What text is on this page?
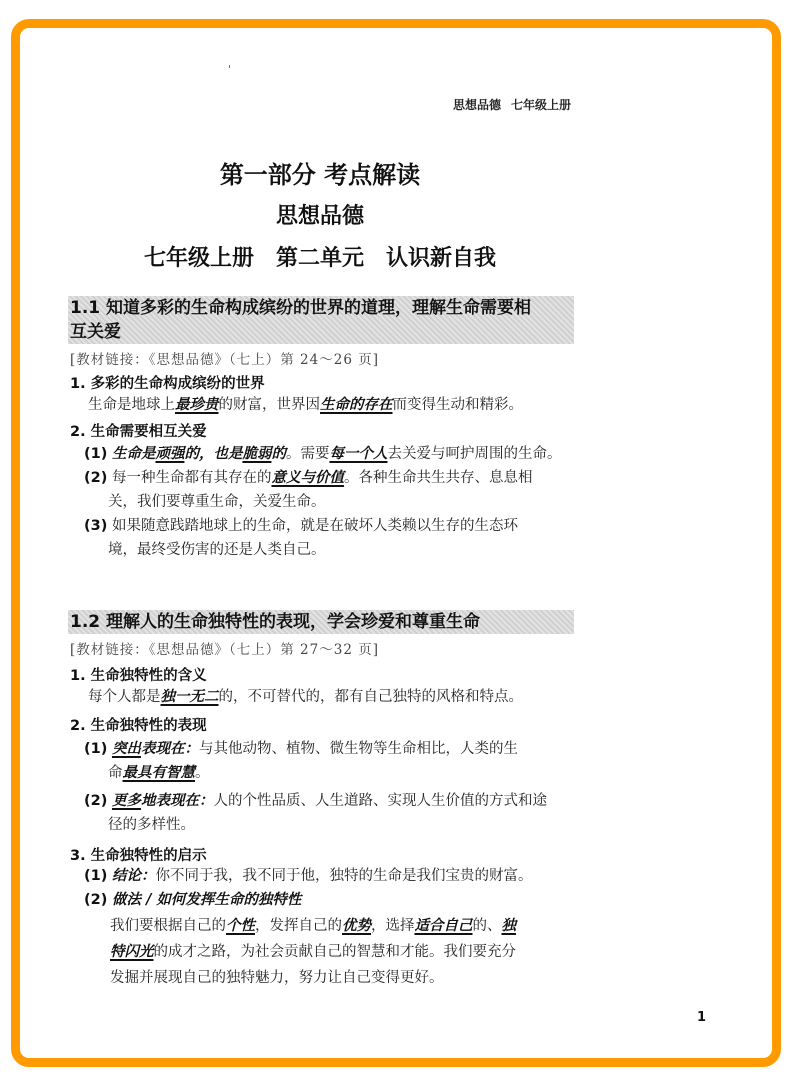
思想品德 七年级上册
第一部分 考点解读
思想品德
七年级上册 第二单元 认识新自我
1.1 知道多彩的生命构成缤纷的世界的道理，理解生命需要相
互关爱
[教材链接：《思想品德》（七上）第 24～26 页]
1. 多彩的生命构成缤纷的世界
生命是地球上最珍贵的财富，世界因生命的存在而变得生动和精彩。
2. 生命需要相互关爱
(1) 生命是顽强的，也是脆弱的。需要每一个人去关爱与呵护周围的生命。
(2) 每一种生命都有其存在的意义与价值。各种生命共生共存、息息相
关，我们要尊重生命，关爱生命。
(3) 如果随意践踏地球上的生命，就是在破坏人类赖以生存的生态环
境，最终受伤害的还是人类自己。
1.2 理解人的生命独特性的表现，学会珍爱和尊重生命
[教材链接：《思想品德》（七上）第 27～32 页]
1. 生命独特性的含义
每个人都是独一无二的，不可替代的，都有自己独特的风格和特点。
2. 生命独特性的表现
(1) 突出表现在：与其他动物、植物、微生物等生命相比，人类的生
命最具有智慧。
(2) 更多地表现在：人的个性品质、人生道路、实现人生价值的方式和途
径的多样性。
3. 生命独特性的启示
(1) 结论：你不同于我，我不同于他，独特的生命是我们宝贵的财富。
(2) 做法 / 如何发挥生命的独特性
我们要根据自己的个性，发挥自己的优势，选择适合自己的、独
特闪光的成才之路，为社会贡献自己的智慧和才能。我们要充分
发掘并展现自己的独特魅力，努力让自己变得更好。
1
